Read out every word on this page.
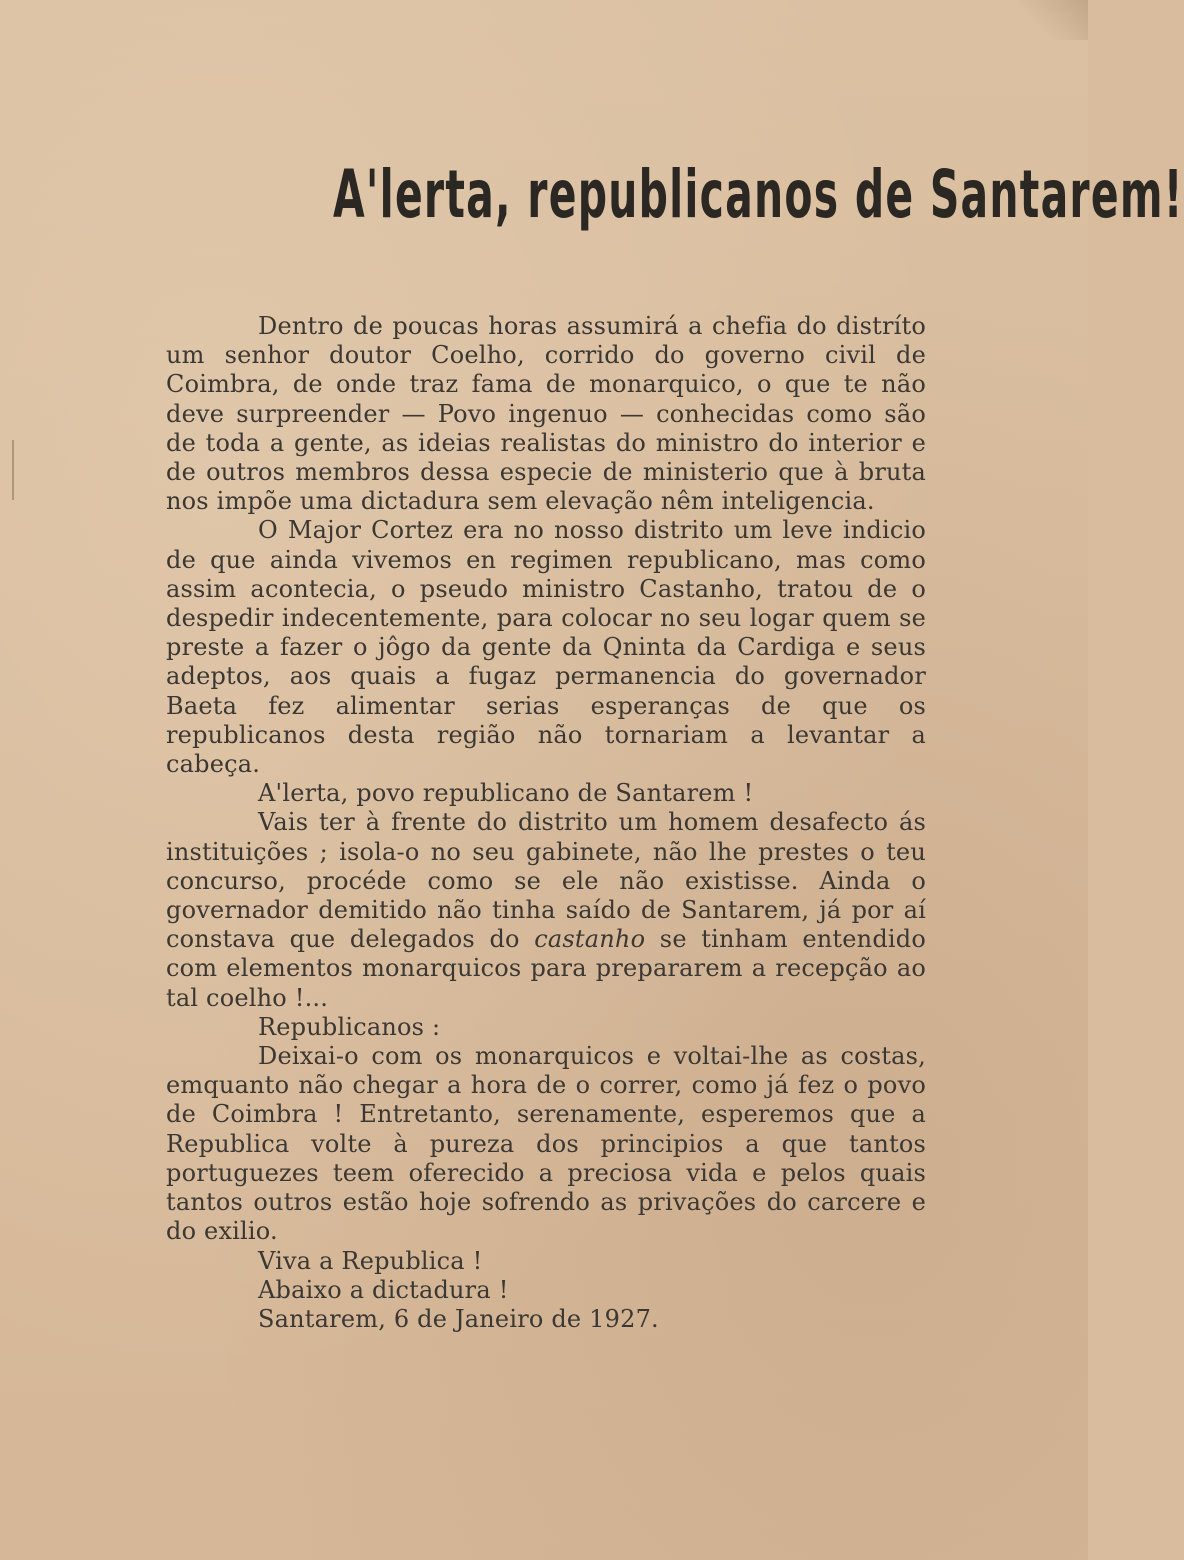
A'lerta, republicanos de Santarem!

Dentro de poucas horas assumirá a chefia do distríto um senhor doutor Coelho, corrido do governo civil de Coimbra, de onde traz fama de monarquico, o que te não deve surpreender — Povo ingenuo — conhecidas como são de toda a gente, as ideias realistas do ministro do interior e de outros membros dessa especie de ministerio que à bruta nos impõe uma dictadura sem elevação nêm inteligencia.

O Major Cortez era no nosso distrito um leve indicio de que ainda vivemos en regimen republicano, mas como assim acontecia, o pseudo ministro Castanho, tratou de o despedir indecentemente, para colocar no seu logar quem se preste a fazer o jôgo da gente da Qninta da Cardiga e seus adeptos, aos quais a fugaz permanencia do governador Baeta fez alimentar serias esperanças de que os republicanos desta região não tornariam a levantar a cabeça.

A'lerta, povo republicano de Santarem !

Vais ter à frente do distrito um homem desafecto ás instituições ; isola-o no seu gabinete, não lhe prestes o teu concurso, procéde como se ele não existisse. Ainda o governador demitido não tinha saído de Santarem, já por aí constava que delegados do castanho se tinham entendido com elementos monarquicos para prepararem a recepção ao tal coelho !...

Republicanos :

Deixai-o com os monarquicos e voltai-lhe as costas, emquanto não chegar a hora de o correr, como já fez o povo de Coimbra ! Entretanto, serenamente, esperemos que a Republica volte à pureza dos principios a que tantos portuguezes teem oferecido a preciosa vida e pelos quais tantos outros estão hoje sofrendo as privações do carcere e do exilio.

Viva a Republica !

Abaixo a dictadura !

Santarem, 6 de Janeiro de 1927.
